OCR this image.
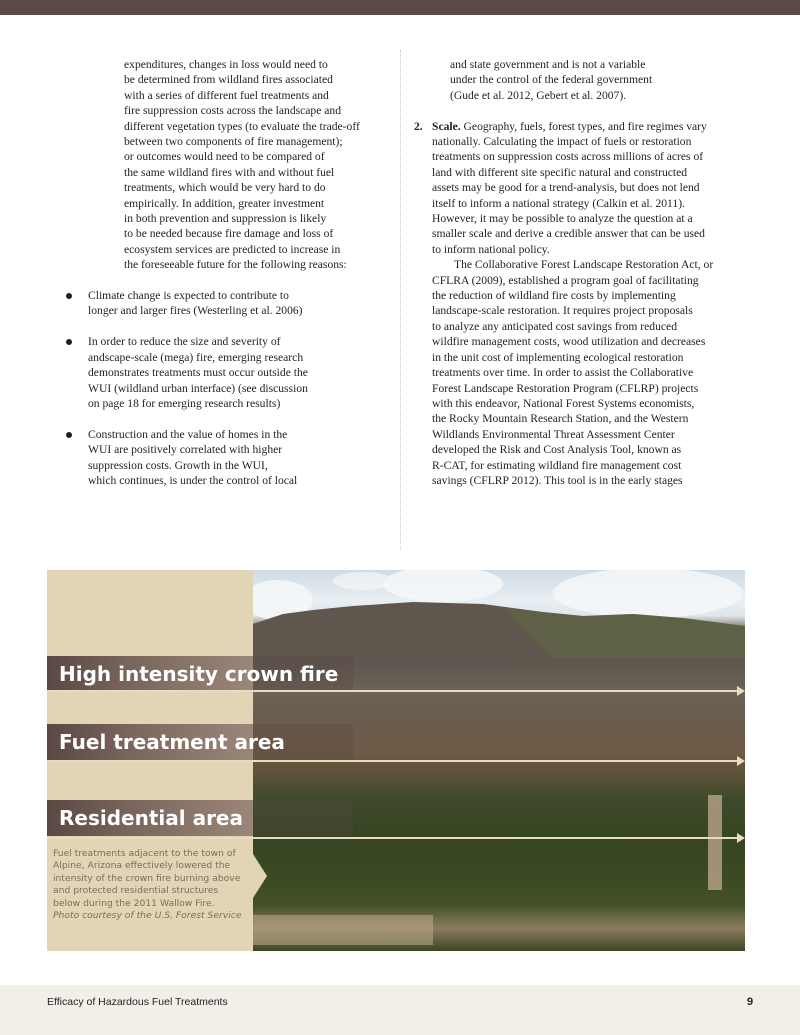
expenditures, changes in loss would need to

be determined from wildland fires associated

with a series of different fuel treatments and

fire suppression costs across the landscape and

different vegetation types (to evaluate the trade-off

between two components of fire management);

or outcomes would need to be compared of

the same wildland fires with and without fuel

treatments, which would be very hard to do

empirically. In addition, greater investment

in both prevention and suppression is likely

to be needed because fire damage and loss of

ecosystem services are predicted to increase in

the foreseeable future for the following reasons:

Climate change is expected to contribute to

longer and larger fires (Westerling et al. 2006)

In order to reduce the size and severity of

andscape-scale (mega) fire, emerging research

demonstrates treatments must occur outside the

WUI (wildland urban interface) (see discussion

on page 18 for emerging research results)

Construction and the value of homes in the

WUI are positively correlated with higher

suppression costs. Growth in the WUI,

which continues, is under the control of local

and state government and is not a variable

under the control of the federal government

(Gude et al. 2012, Gebert et al. 2007).

2. Scale. Geography, fuels, forest types, and fire regimes vary

nationally. Calculating the impact of fuels or restoration

treatments on suppression costs across millions of acres of

land with different site specific natural and constructed

assets may be good for a trend-analysis, but does not lend

itself to inform a national strategy (Calkin et al. 2011).

However, it may be possible to analyze the question at a

smaller scale and derive a credible answer that can be used

to inform national policy.

The Collaborative Forest Landscape Restoration Act, or

CFLRA (2009), established a program goal of facilitating

the reduction of wildland fire costs by implementing

landscape-scale restoration. It requires project proposals

to analyze any anticipated cost savings from reduced

wildfire management costs, wood utilization and decreases

in the unit cost of implementing ecological restoration

treatments over time. In order to assist the Collaborative

Forest Landscape Restoration Program (CFLRP) projects

with this endeavor, National Forest Systems economists,

the Rocky Mountain Research Station, and the Western

Wildlands Environmental Threat Assessment Center

developed the Risk and Cost Analysis Tool, known as

R-CAT, for estimating wildland fire management cost

savings (CFLRP 2012). This tool is in the early stages

High intensity crown fire
Fuel treatment area
Residential area
Fuel treatments adjacent to the town of Alpine, Arizona effectively lowered the intensity of the crown fire burning above and protected residential structures below during the 2011 Wallow Fire. Photo courtesy of the U.S. Forest Service
Efficacy of Hazardous Fuel Treatments	9
